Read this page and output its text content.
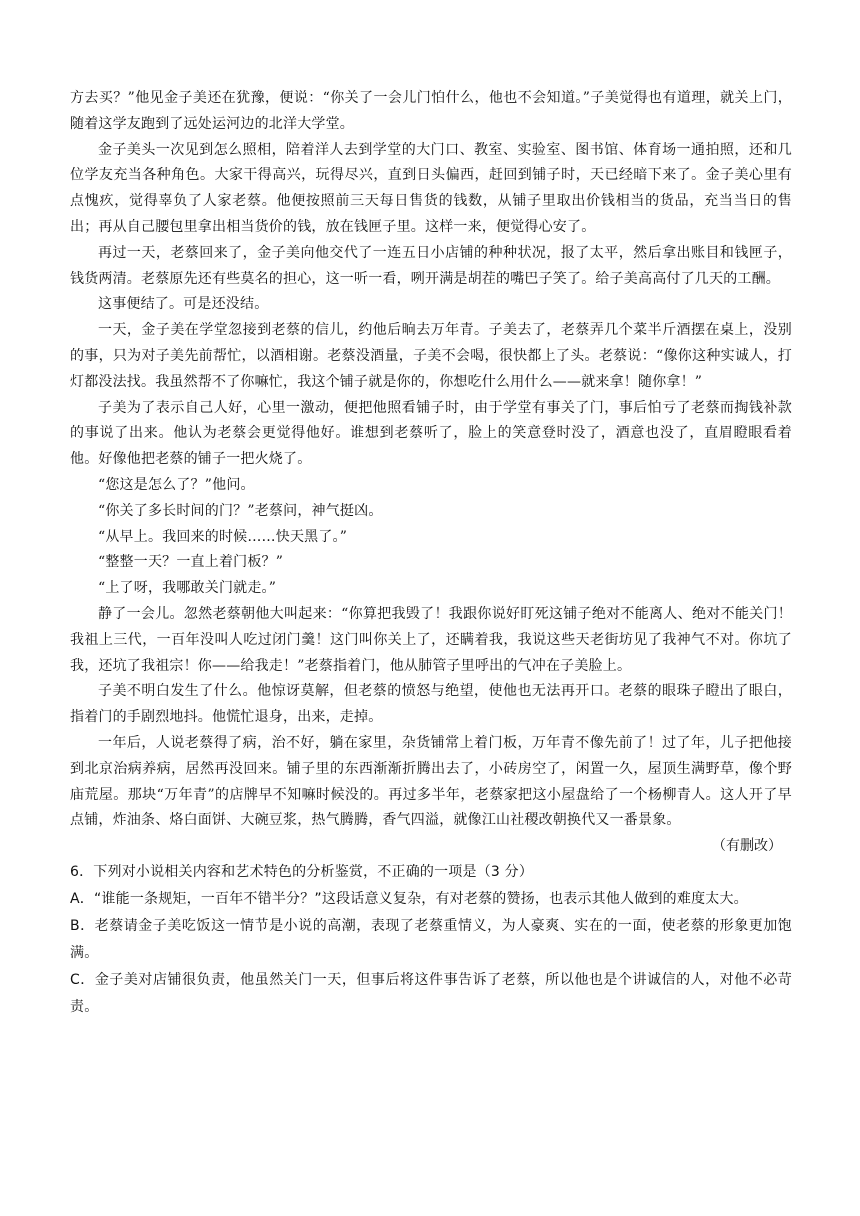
方去买？”他见金子美还在犹豫，便说：“你关了一会儿门怕什么，他也不会知道。”子美觉得也有道理，就关上门，随着这学友跑到了远处运河边的北洋大学堂。

金子美头一次见到怎么照相，陪着洋人去到学堂的大门口、教室、实验室、图书馆、体育场一通拍照，还和几位学友充当各种角色。大家干得高兴，玩得尽兴，直到日头偏西，赶回到铺子时，天已经暗下来了。金子美心里有点愧疚，觉得辜负了人家老蔡。他便按照前三天每日售货的钱数，从铺子里取出价钱相当的货品，充当当日的售出；再从自己腰包里拿出相当货价的钱，放在钱匣子里。这样一来，便觉得心安了。

再过一天，老蔡回来了，金子美向他交代了一连五日小店铺的种种状况，报了太平，然后拿出账目和钱匣子，钱货两清。老蔡原先还有些莫名的担心，这一听一看，咧开满是胡茬的嘴巴子笑了。给子美高高付了几天的工酬。

这事便结了。可是还没结。

一天，金子美在学堂忽接到老蔡的信儿，约他后晌去万年青。子美去了，老蔡弄几个菜半斤酒摆在桌上，没别的事，只为对子美先前帮忙，以酒相谢。老蔡没酒量，子美不会喝，很快都上了头。老蔡说：“像你这种实诚人，打灯都没法找。我虽然帮不了你嘛忙，我这个铺子就是你的，你想吃什么用什么——就来拿！随你拿！”

子美为了表示自己人好，心里一激动，便把他照看铺子时，由于学堂有事关了门，事后怕亏了老蔡而掏钱补款的事说了出来。他认为老蔡会更觉得他好。谁想到老蔡听了，脸上的笑意登时没了，酒意也没了，直眉瞪眼看着他。好像他把老蔡的铺子一把火烧了。

“您这是怎么了？”他问。

“你关了多长时间的门？”老蔡问，神气挺凶。

“从早上。我回来的时候……快天黑了。”

“整整一天？一直上着门板？”

“上了呀，我哪敢关门就走。”

静了一会儿。忽然老蔡朝他大叫起来：“你算把我毁了！我跟你说好盯死这铺子绝对不能离人、绝对不能关门！我祖上三代，一百年没叫人吃过闭门羹！这门叫你关上了，还瞒着我，我说这些天老街坊见了我神气不对。你坑了我，还坑了我祖宗！你——给我走！”老蔡指着门，他从肺管子里呼出的气冲在子美脸上。

子美不明白发生了什么。他惊讶莫解，但老蔡的愤怒与绝望，使他也无法再开口。老蔡的眼珠子瞪出了眼白，指着门的手剧烈地抖。他慌忙退身，出来，走掉。

一年后，人说老蔡得了病，治不好，躺在家里，杂货铺常上着门板，万年青不像先前了！过了年，儿子把他接到北京治病养病，居然再没回来。铺子里的东西渐渐折腾出去了，小砖房空了，闲置一久，屋顶生满野草，像个野庙荒屋。那块“万年青”的店牌早不知嘛时候没的。再过多半年，老蔡家把这小屋盘给了一个杨柳青人。这人开了早点铺，炸油条、烙白面饼、大碗豆浆，热气腾腾，香气四溢，就像江山社稷改朝换代又一番景象。

（有删改）

6．下列对小说相关内容和艺术特色的分析鉴赏，不正确的一项是（3 分）

A．“谁能一条规矩，一百年不错半分？”这段话意义复杂，有对老蔡的赞扬，也表示其他人做到的难度太大。

B．老蔡请金子美吃饭这一情节是小说的高潮，表现了老蔡重情义，为人豪爽、实在的一面，使老蔡的形象更加饱满。

C．金子美对店铺很负责，他虽然关门一天，但事后将这件事告诉了老蔡，所以他也是个讲诚信的人，对他不必苛责。
